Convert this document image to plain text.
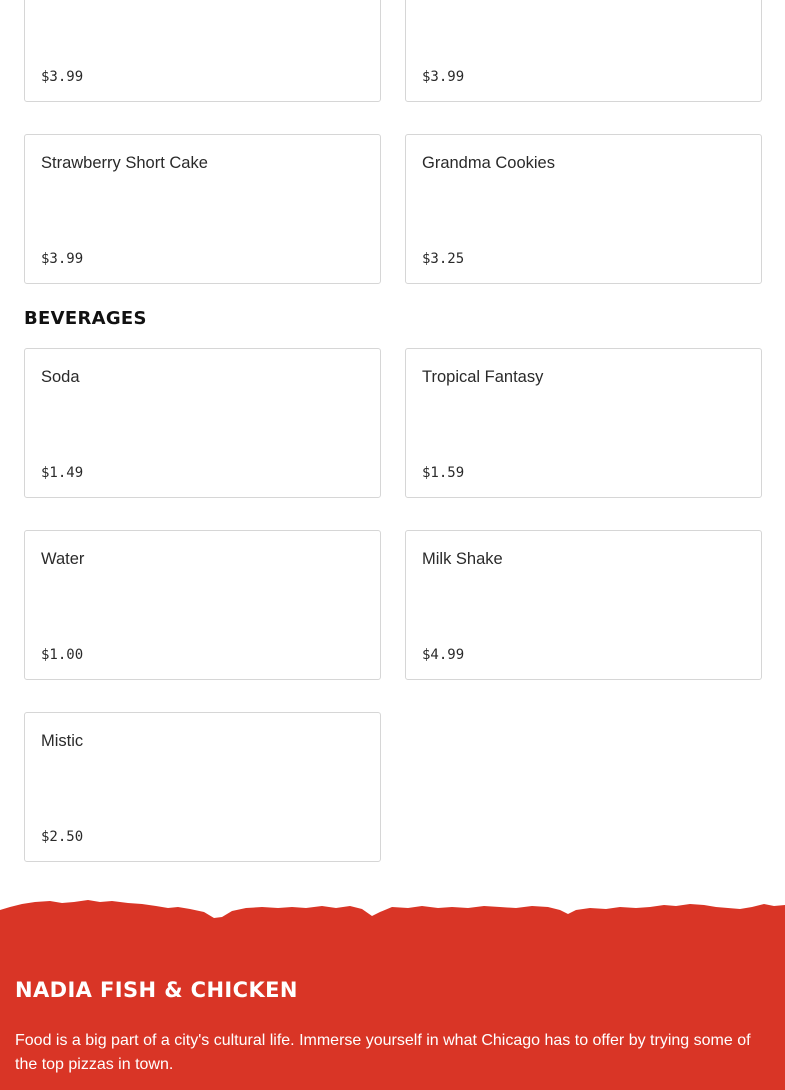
$3.99	$3.99
Strawberry Short Cake
$3.99
Grandma Cookies
$3.25
BEVERAGES
Soda
$1.49
Tropical Fantasy
$1.59
Water
$1.00
Milk Shake
$4.99
Mistic
$2.50
NADIA FISH & CHICKEN

Food is a big part of a city's cultural life. Immerse yourself in what Chicago has to offer by trying some of the top pizzas in town.
